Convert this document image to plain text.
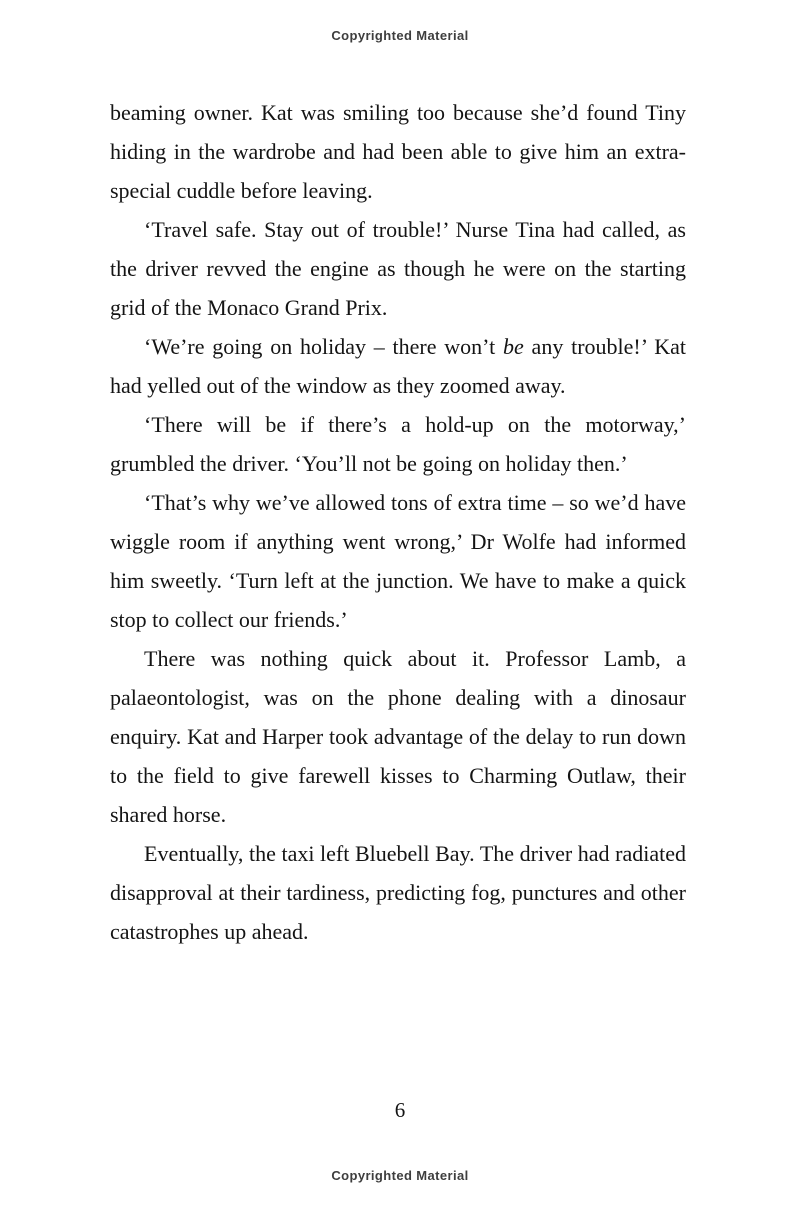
Copyrighted Material

beaming owner. Kat was smiling too because she’d found Tiny hiding in the wardrobe and had been able to give him an extra-special cuddle before leaving.

‘Travel safe. Stay out of trouble!’ Nurse Tina had called, as the driver revved the engine as though he were on the starting grid of the Monaco Grand Prix.

‘We’re going on holiday – there won’t be any trouble!’ Kat had yelled out of the window as they zoomed away.

‘There will be if there’s a hold-up on the motorway,’ grumbled the driver. ‘You’ll not be going on holiday then.’

‘That’s why we’ve allowed tons of extra time – so we’d have wiggle room if anything went wrong,’ Dr Wolfe had informed him sweetly. ‘Turn left at the junction. We have to make a quick stop to collect our friends.’

There was nothing quick about it. Professor Lamb, a palaeontologist, was on the phone dealing with a dinosaur enquiry. Kat and Harper took advantage of the delay to run down to the field to give farewell kisses to Charming Outlaw, their shared horse.

Eventually, the taxi left Bluebell Bay. The driver had radiated disapproval at their tardiness, predicting fog, punctures and other catastrophes up ahead.

6
Copyrighted Material
